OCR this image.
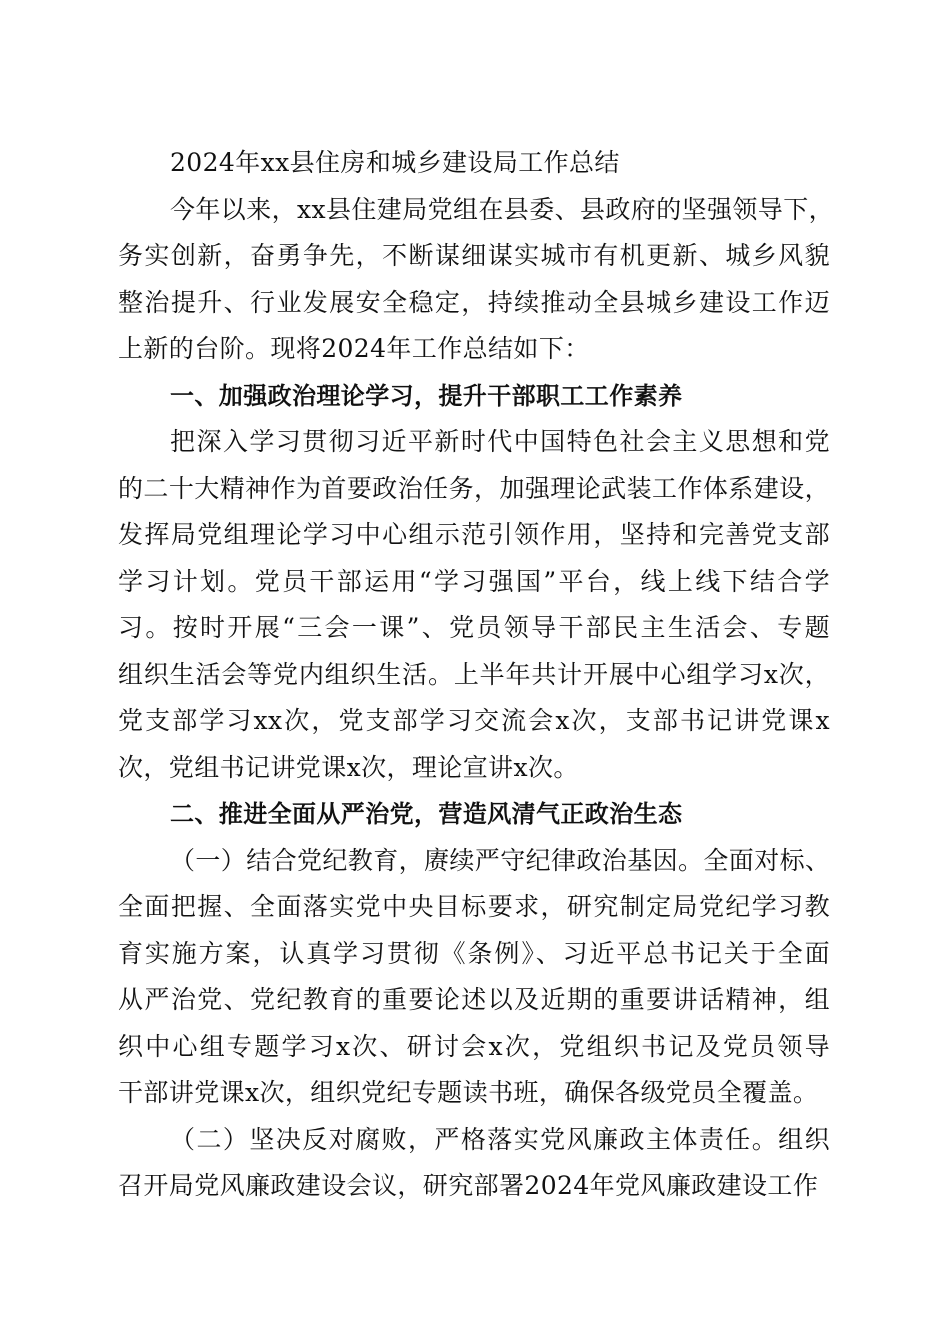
2024年xx县住房和城乡建设局工作总结
今年以来，xx县住建局党组在县委、县政府的坚强领导下，
务实创新，奋勇争先，不断谋细谋实城市有机更新、城乡风貌
整治提升、行业发展安全稳定，持续推动全县城乡建设工作迈
上新的台阶。现将2024年工作总结如下：
一、加强政治理论学习，提升干部职工工作素养
把深入学习贯彻习近平新时代中国特色社会主义思想和党
的二十大精神作为首要政治任务，加强理论武装工作体系建设，
发挥局党组理论学习中心组示范引领作用，坚持和完善党支部
学习计划。党员干部运用“学习强国”平台，线上线下结合学
习。按时开展“三会一课”、党员领导干部民主生活会、专题
组织生活会等党内组织生活。上半年共计开展中心组学习x次，
党支部学习xx次，党支部学习交流会x次，支部书记讲党课x
次，党组书记讲党课x次，理论宣讲x次。
二、推进全面从严治党，营造风清气正政治生态
（一）结合党纪教育，赓续严守纪律政治基因。全面对标、
全面把握、全面落实党中央目标要求，研究制定局党纪学习教
育实施方案，认真学习贯彻《条例》、习近平总书记关于全面
从严治党、党纪教育的重要论述以及近期的重要讲话精神，组
织中心组专题学习x次、研讨会x次，党组织书记及党员领导
干部讲党课x次，组织党纪专题读书班，确保各级党员全覆盖。
（二）坚决反对腐败，严格落实党风廉政主体责任。组织
召开局党风廉政建设会议，研究部署2024年党风廉政建设工作
